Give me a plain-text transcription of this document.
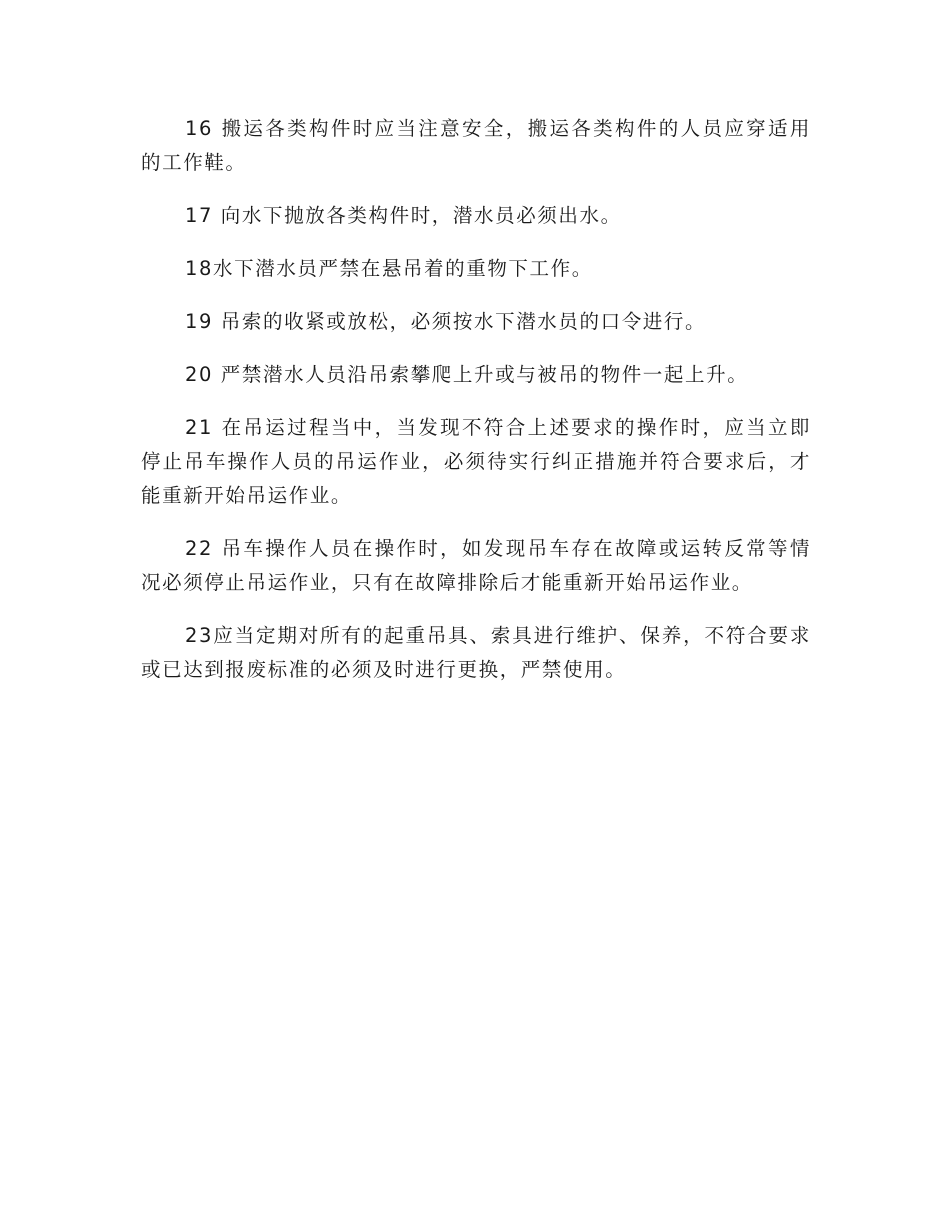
16 搬运各类构件时应当注意安全，搬运各类构件的人员应穿适用的工作鞋。

17 向水下抛放各类构件时，潜水员必须出水。

18水下潜水员严禁在悬吊着的重物下工作。

19 吊索的收紧或放松，必须按水下潜水员的口令进行。

20 严禁潜水人员沿吊索攀爬上升或与被吊的物件一起上升。

21 在吊运过程当中，当发现不符合上述要求的操作时，应当立即停止吊车操作人员的吊运作业，必须待实行纠正措施并符合要求后，才能重新开始吊运作业。

22 吊车操作人员在操作时，如发现吊车存在故障或运转反常等情况必须停止吊运作业，只有在故障排除后才能重新开始吊运作业。

23应当定期对所有的起重吊具、索具进行维护、保养，不符合要求或已达到报废标准的必须及时进行更换，严禁使用。
